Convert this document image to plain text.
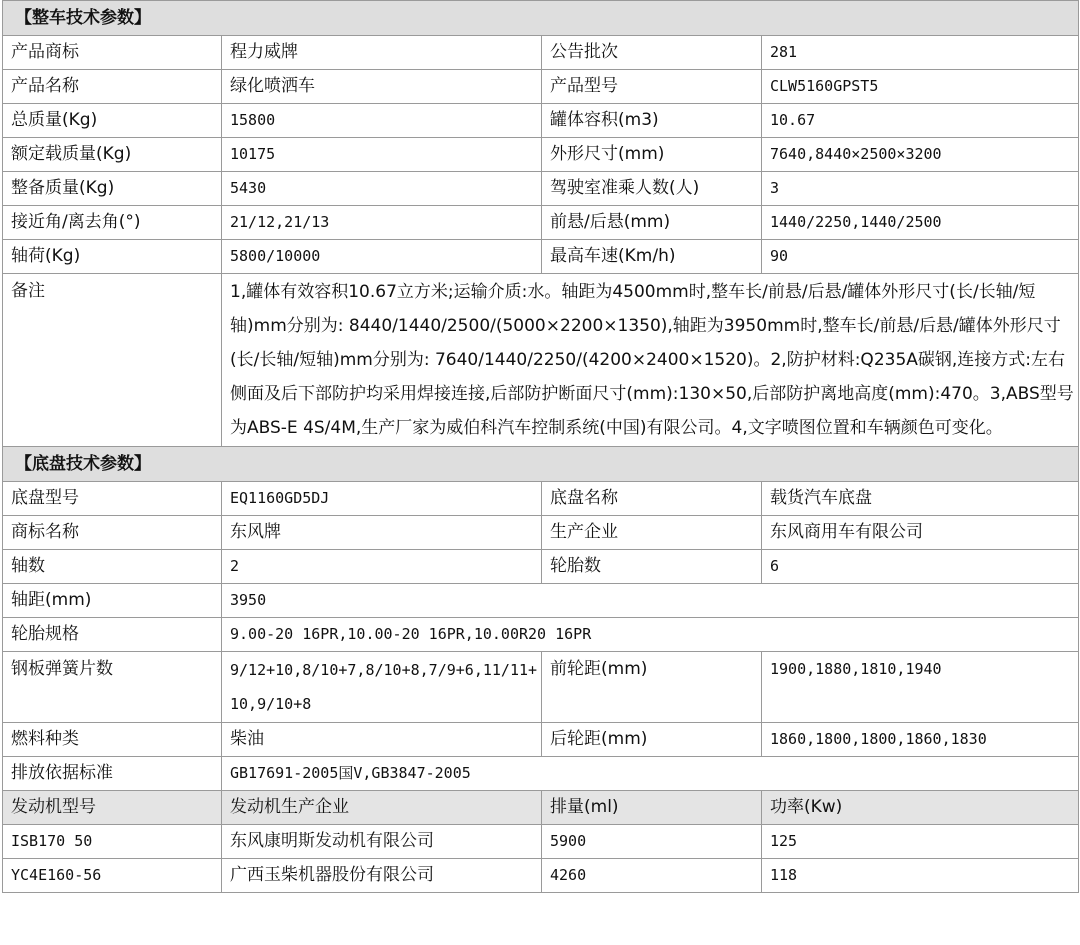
【整车技术参数】			
产品商标	程力威牌	公告批次	281
产品名称	绿化喷洒车	产品型号	CLW5160GPST5
总质量(Kg)	15800	罐体容积(m3)	10.67
额定载质量(Kg)	10175	外形尺寸(mm)	7640,8440×2500×3200
整备质量(Kg)	5430	驾驶室准乘人数(人)	3
接近角/离去角(°)	21/12,21/13	前悬/后悬(mm)	1440/2250,1440/2500
轴荷(Kg)	5800/10000	最高车速(Km/h)	90
备注	1,罐体有效容积10.67立方米;运输介质:水。轴距为4500mm时,整车长/前悬/后悬/罐体外形尺寸(长/长轴/短轴)mm分别为: 8440/1440/2500/(5000×2200×1350),轴距为3950mm时,整车长/前悬/后悬/罐体外形尺寸(长/长轴/短轴)mm分别为: 7640/1440/2250/(4200×2400×1520)。2,防护材料:Q235A碳钢,连接方式:左右侧面及后下部防护均采用焊接连接,后部防护断面尺寸(mm):130×50,后部防护离地高度(mm):470。3,ABS型号为ABS-E 4S/4M,生产厂家为威伯科汽车控制系统(中国)有限公司。4,文字喷图位置和车辆颜色可变化。		
【底盘技术参数】			
底盘型号	EQ1160GD5DJ	底盘名称	载货汽车底盘
商标名称	东风牌	生产企业	东风商用车有限公司
轴数	2	轮胎数	6
轴距(mm)	3950		
轮胎规格	9.00-20 16PR,10.00-20 16PR,10.00R20 16PR		
钢板弹簧片数	9/12+10,8/10+7,8/10+8,7/9+6,11/11+10,9/10+8	前轮距(mm)	1900,1880,1810,1940
燃料种类	柴油	后轮距(mm)	1860,1800,1800,1860,1830
排放依据标准	GB17691-2005国V,GB3847-2005		
发动机型号	发动机生产企业	排量(ml)	功率(Kw)
ISB170 50	东风康明斯发动机有限公司	5900	125
YC4E160-56	广西玉柴机器股份有限公司	4260	118
